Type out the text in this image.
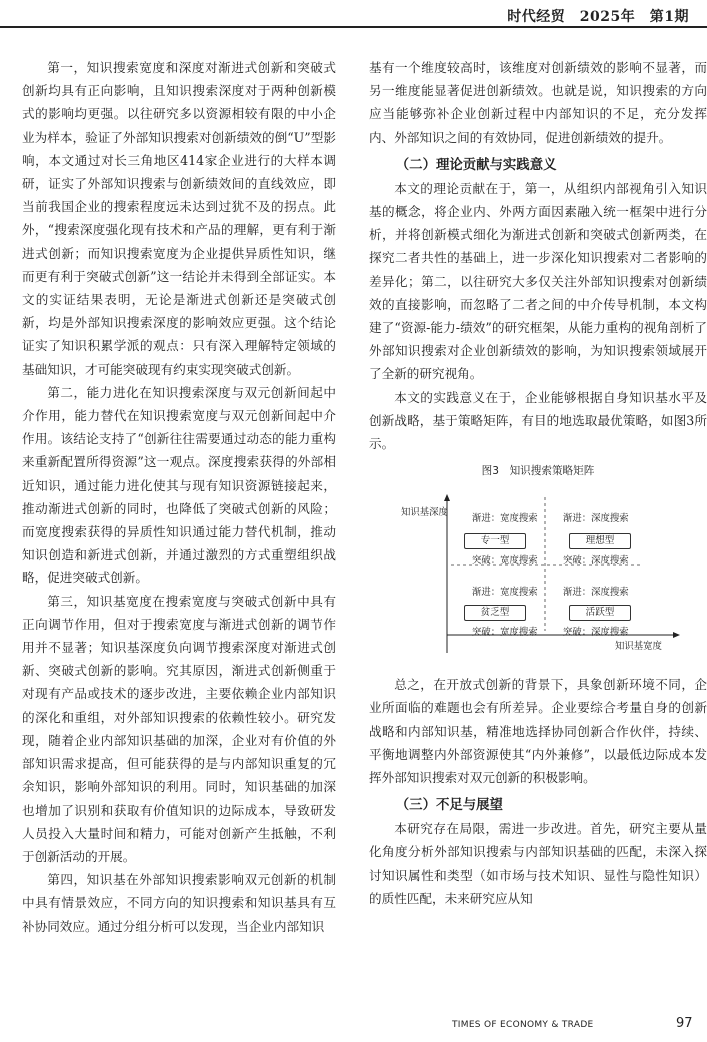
时代经贸　2025年　第1期

第一，知识搜索宽度和深度对渐进式创新和突破式创新均具有正向影响，且知识搜索深度对于两种创新模式的影响均更强。以往研究多以资源相较有限的中小企业为样本，验证了外部知识搜索对创新绩效的倒“U”型影响，本文通过对长三角地区414家企业进行的大样本调研，证实了外部知识搜索与创新绩效间的直线效应，即当前我国企业的搜索程度远未达到过犹不及的拐点。此外，“搜索深度强化现有技术和产品的理解，更有利于渐进式创新；而知识搜索宽度为企业提供异质性知识，继而更有利于突破式创新”这一结论并未得到全部证实。本文的实证结果表明，无论是渐进式创新还是突破式创新，均是外部知识搜索深度的影响效应更强。这个结论证实了知识积累学派的观点：只有深入理解特定领域的基础知识，才可能突破现有约束实现突破式创新。

第二，能力进化在知识搜索深度与双元创新间起中介作用，能力替代在知识搜索宽度与双元创新间起中介作用。该结论支持了“创新往往需要通过动态的能力重构来重新配置所得资源”这一观点。深度搜索获得的外部相近知识，通过能力进化使其与现有知识资源链接起来，推动渐进式创新的同时，也降低了突破式创新的风险；而宽度搜索获得的异质性知识通过能力替代机制，推动知识创造和新进式创新，并通过激烈的方式重塑组织战略，促进突破式创新。

第三，知识基宽度在搜索宽度与突破式创新中具有正向调节作用，但对于搜索宽度与渐进式创新的调节作用并不显著；知识基深度负向调节搜索深度对渐进式创新、突破式创新的影响。究其原因，渐进式创新侧重于对现有产品或技术的逐步改进，主要依赖企业内部知识的深化和重组，对外部知识搜索的依赖性较小。研究发现，随着企业内部知识基础的加深，企业对有价值的外部知识需求提高，但可能获得的是与内部知识重复的冗余知识，影响外部知识的利用。同时，知识基础的加深也增加了识别和获取有价值知识的边际成本，导致研发人员投入大量时间和精力，可能对创新产生抵触，不利于创新活动的开展。

第四，知识基在外部知识搜索影响双元创新的机制中具有情景效应，不同方向的知识搜索和知识基具有互补协同效应。通过分组分析可以发现，当企业内部知识

基有一个维度较高时，该维度对创新绩效的影响不显著，而另一维度能显著促进创新绩效。也就是说，知识搜索的方向应当能够弥补企业创新过程中内部知识的不足，充分发挥内、外部知识之间的有效协同，促进创新绩效的提升。

（二）理论贡献与实践意义

本文的理论贡献在于，第一，从组织内部视角引入知识基的概念，将企业内、外两方面因素融入统一框架中进行分析，并将创新模式细化为渐进式创新和突破式创新两类，在探究二者共性的基础上，进一步深化知识搜索对二者影响的差异化；第二，以往研究大多仅关注外部知识搜索对创新绩效的直接影响，而忽略了二者之间的中介传导机制，本文构建了“资源-能力-绩效”的研究框架，从能力重构的视角剖析了外部知识搜索对企业创新绩效的影响，为知识搜索领域展开了全新的研究视角。

本文的实践意义在于，企业能够根据自身知识基水平及创新战略，基于策略矩阵，有目的地选取最优策略，如图3所示。

图3　知识搜索策略矩阵
知识基深度
知识基宽度
渐进：宽度搜索
专一型
突破：宽度搜索
渐进：深度搜索
理想型
突破：深度搜索
渐进：宽度搜索
贫乏型
突破：宽度搜索
渐进：深度搜索
活跃型
突破：深度搜索

总之，在开放式创新的背景下，具象创新环境不同，企业所面临的难题也会有所差异。企业要综合考量自身的创新战略和内部知识基，精准地选择协同创新合作伙伴，持续、平衡地调整内外部资源使其“内外兼修”，以最低边际成本发挥外部知识搜索对双元创新的积极影响。

（三）不足与展望

本研究存在局限，需进一步改进。首先，研究主要从量化角度分析外部知识搜索与内部知识基础的匹配，未深入探讨知识属性和类型（如市场与技术知识、显性与隐性知识）的质性匹配，未来研究应从知

TIMES OF ECONOMY & TRADE	97
